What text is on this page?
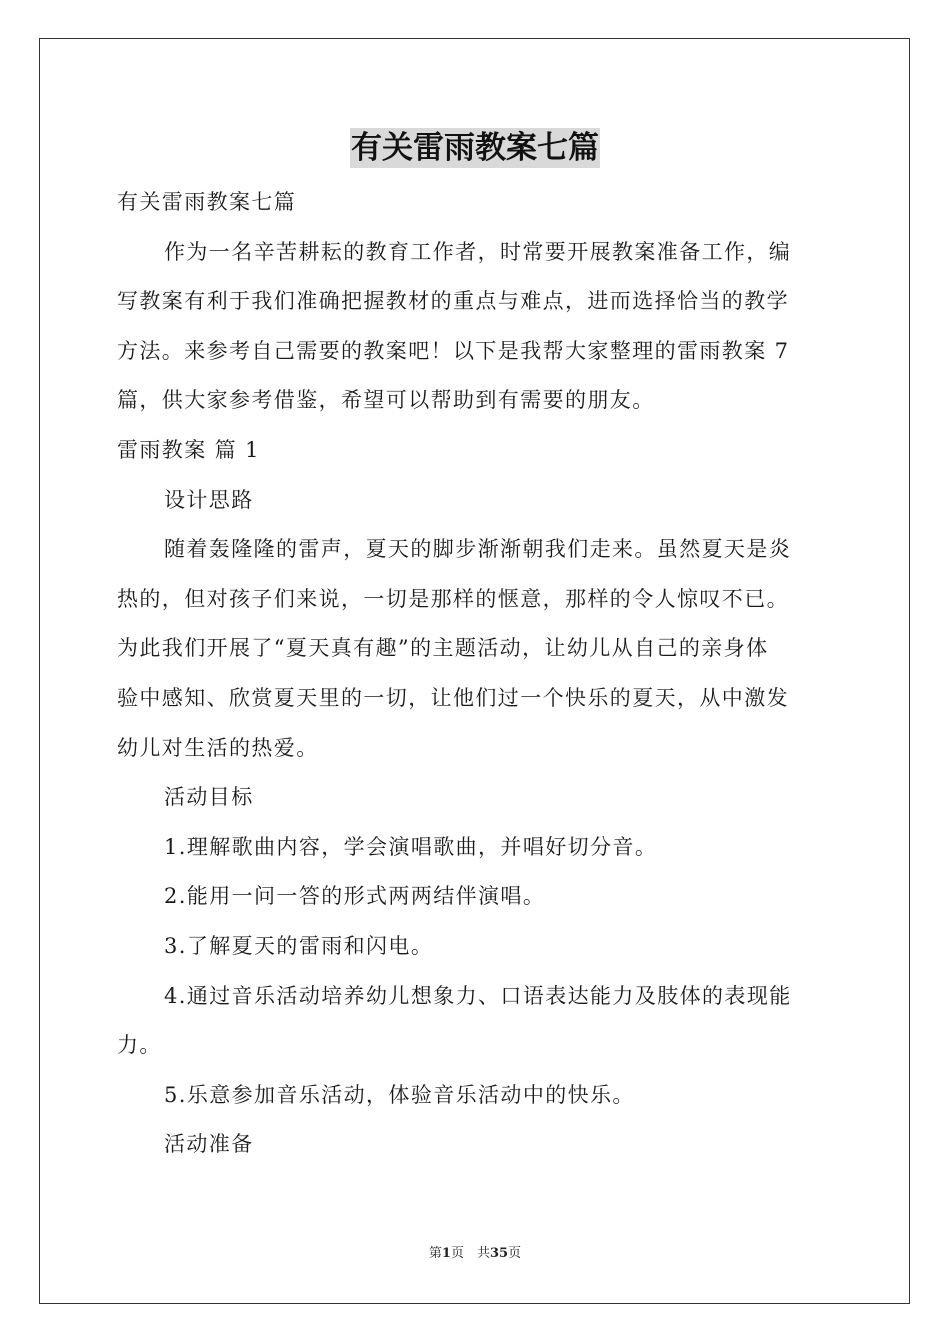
有关雷雨教案七篇
有关雷雨教案七篇
作为一名辛苦耕耘的教育工作者，时常要开展教案准备工作，编
写教案有利于我们准确把握教材的重点与难点，进而选择恰当的教学
方法。来参考自己需要的教案吧！以下是我帮大家整理的雷雨教案 7
篇，供大家参考借鉴，希望可以帮助到有需要的朋友。
雷雨教案 篇 1
设计思路
随着轰隆隆的雷声，夏天的脚步渐渐朝我们走来。虽然夏天是炎
热的，但对孩子们来说，一切是那样的惬意，那样的令人惊叹不已。
为此我们开展了“夏天真有趣”的主题活动，让幼儿从自己的亲身体
验中感知、欣赏夏天里的一切，让他们过一个快乐的夏天，从中激发
幼儿对生活的热爱。
活动目标
1.理解歌曲内容，学会演唱歌曲，并唱好切分音。
2.能用一问一答的形式两两结伴演唱。
3.了解夏天的雷雨和闪电。
4.通过音乐活动培养幼儿想象力、口语表达能力及肢体的表现能
力。
5.乐意参加音乐活动，体验音乐活动中的快乐。
活动准备
第1页　共35页
